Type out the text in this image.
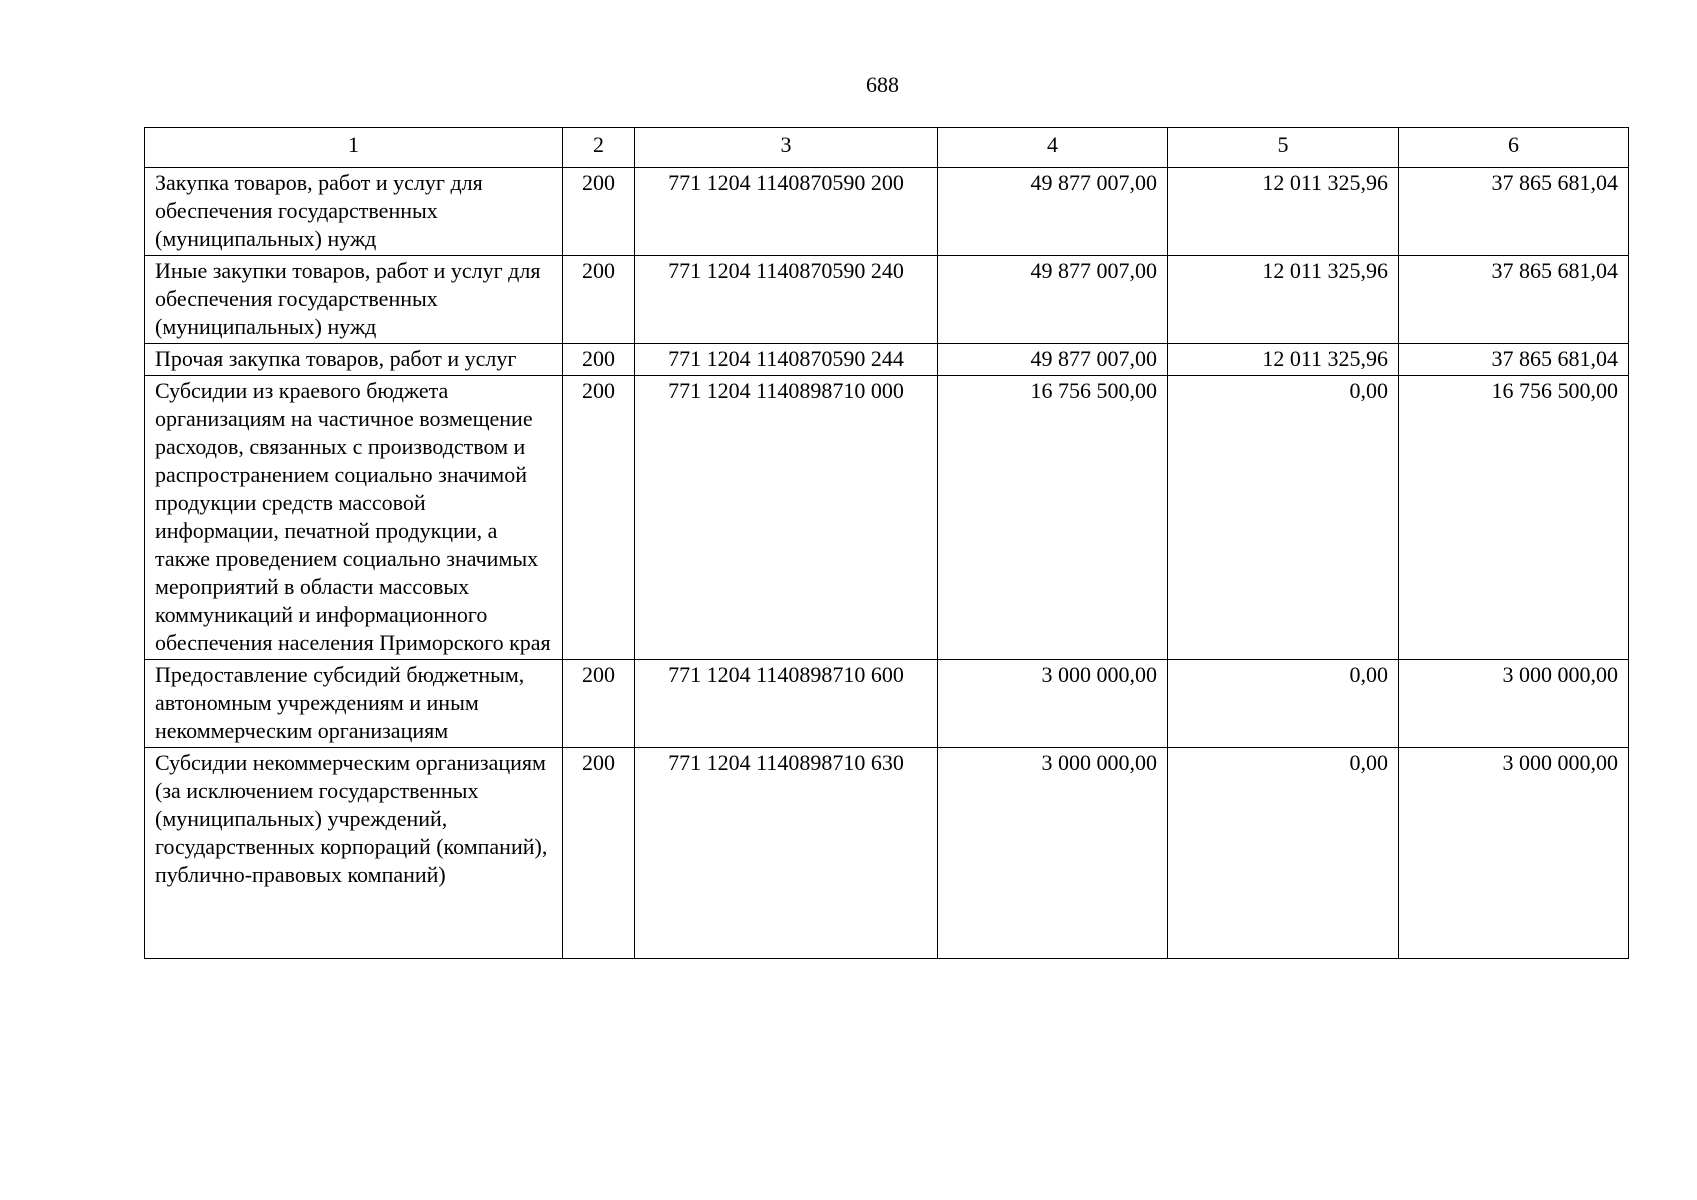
688
1	2	3	4	5	6
Закупка товаров, работ и услуг для обеспечения государственных (муниципальных) нужд	200	771 1204 1140870590 200	49 877 007,00	12 011 325,96	37 865 681,04
Иные закупки товаров, работ и услуг для обеспечения государственных (муниципальных) нужд	200	771 1204 1140870590 240	49 877 007,00	12 011 325,96	37 865 681,04
Прочая закупка товаров, работ и услуг	200	771 1204 1140870590 244	49 877 007,00	12 011 325,96	37 865 681,04
Субсидии из краевого бюджета организациям на частичное возмещение расходов, связанных с производством и распространением социально значимой продукции средств массовой информации, печатной продукции, а также проведением социально значимых мероприятий в области массовых коммуникаций и информационного обеспечения населения Приморского края	200	771 1204 1140898710 000	16 756 500,00	0,00	16 756 500,00
Предоставление субсидий бюджетным, автономным учреждениям и иным некоммерческим организациям	200	771 1204 1140898710 600	3 000 000,00	0,00	3 000 000,00
Субсидии некоммерческим организациям (за исключением государственных (муниципальных) учреждений, государственных корпораций (компаний), публично-правовых компаний)	200	771 1204 1140898710 630	3 000 000,00	0,00	3 000 000,00
